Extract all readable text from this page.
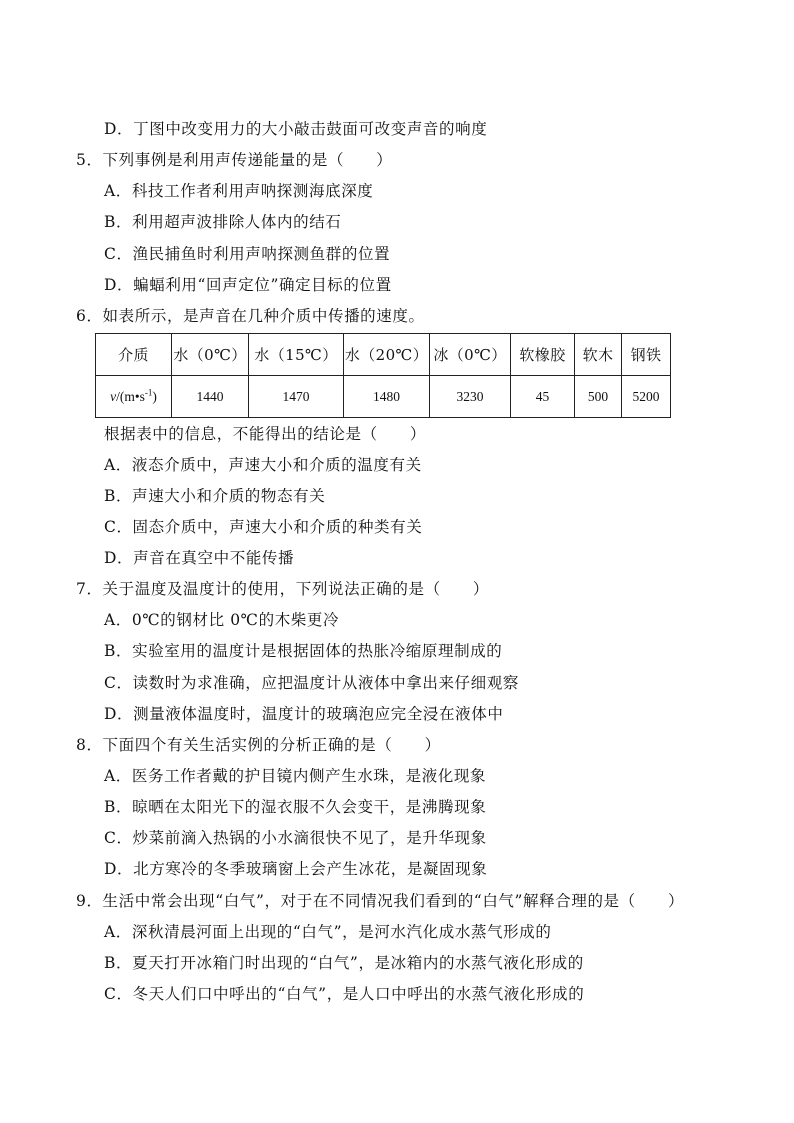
D．丁图中改变用力的大小敲击鼓面可改变声音的响度
5．下列事例是利用声传递能量的是（　　）
A．科技工作者利用声呐探测海底深度
B．利用超声波排除人体内的结石
C．渔民捕鱼时利用声呐探测鱼群的位置
D．蝙蝠利用“回声定位”确定目标的位置
6．如表所示，是声音在几种介质中传播的速度。
介质	水（0℃）	水（15℃）	水（20℃）	冰（0℃）	软橡胶	软木	钢铁
$v/(m•s^{-1})$	1440	1470	1480	3230	45	500	5200
根据表中的信息，不能得出的结论是（　　）
A．液态介质中，声速大小和介质的温度有关
B．声速大小和介质的物态有关
C．固态介质中，声速大小和介质的种类有关
D．声音在真空中不能传播
7．关于温度及温度计的使用，下列说法正确的是（　　）
A．0℃的钢材比 0℃的木柴更冷
B．实验室用的温度计是根据固体的热胀冷缩原理制成的
C．读数时为求准确，应把温度计从液体中拿出来仔细观察
D．测量液体温度时，温度计的玻璃泡应完全浸在液体中
8．下面四个有关生活实例的分析正确的是（　　）
A．医务工作者戴的护目镜内侧产生水珠，是液化现象
B．晾晒在太阳光下的湿衣服不久会变干，是沸腾现象
C．炒菜前滴入热锅的小水滴很快不见了，是升华现象
D．北方寒冷的冬季玻璃窗上会产生冰花，是凝固现象
9．生活中常会出现“白气”，对于在不同情况我们看到的“白气”解释合理的是（　　）
A．深秋清晨河面上出现的“白气”，是河水汽化成水蒸气形成的
B．夏天打开冰箱门时出现的“白气”，是冰箱内的水蒸气液化形成的
C．冬天人们口中呼出的“白气”，是人口中呼出的水蒸气液化形成的
